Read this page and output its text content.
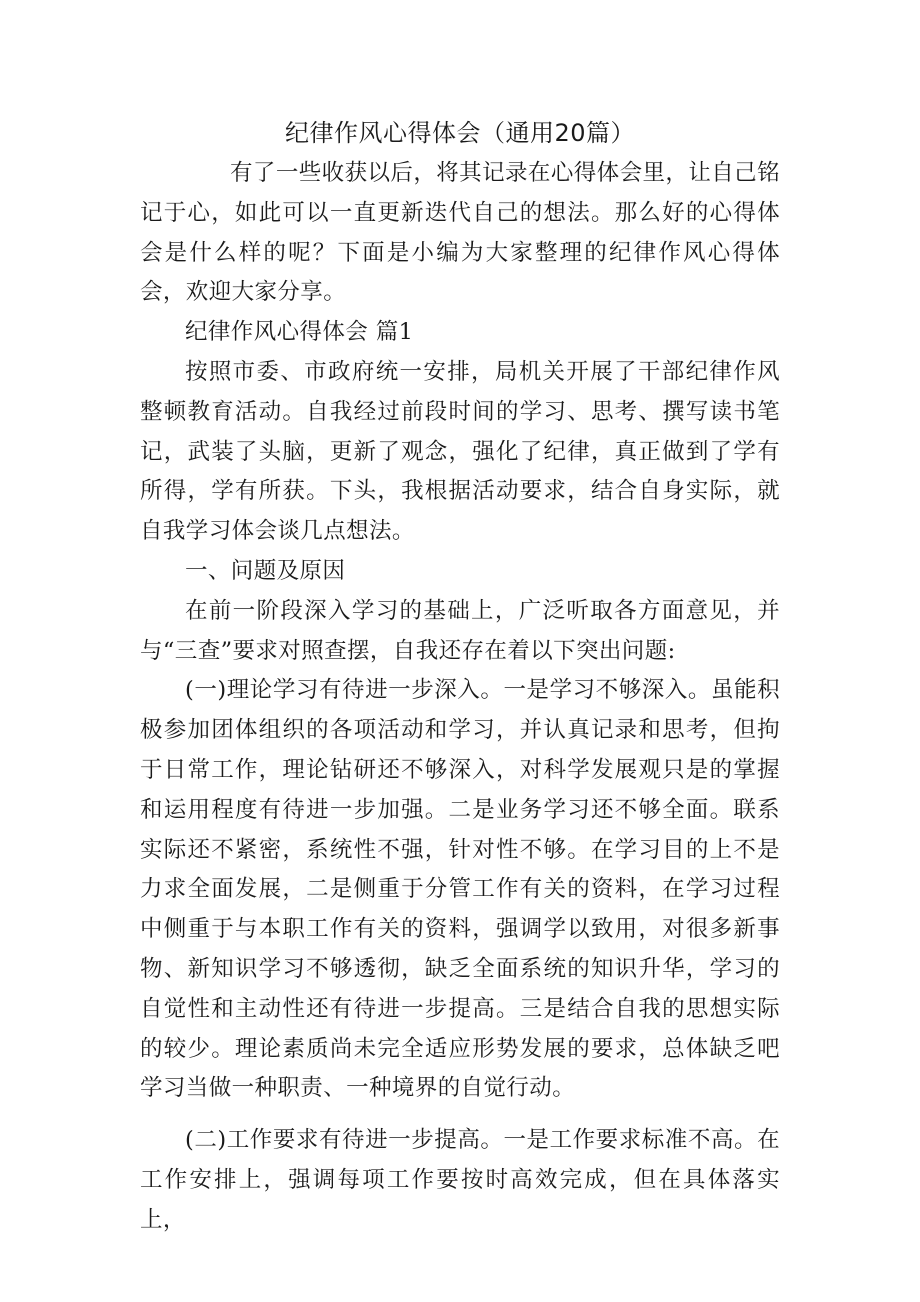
纪律作风心得体会（通用20篇）

有了一些收获以后，将其记录在心得体会里，让自己铭记于心，如此可以一直更新迭代自己的想法。那么好的心得体会是什么样的呢？下面是小编为大家整理的纪律作风心得体会，欢迎大家分享。

纪律作风心得体会 篇1

按照市委、市政府统一安排，局机关开展了干部纪律作风整顿教育活动。自我经过前段时间的学习、思考、撰写读书笔记，武装了头脑，更新了观念，强化了纪律，真正做到了学有所得，学有所获。下头，我根据活动要求，结合自身实际，就自我学习体会谈几点想法。

一、问题及原因

在前一阶段深入学习的基础上，广泛听取各方面意见，并与“三查”要求对照查摆，自我还存在着以下突出问题:

(一)理论学习有待进一步深入。一是学习不够深入。虽能积极参加团体组织的各项活动和学习，并认真记录和思考，但拘于日常工作，理论钻研还不够深入，对科学发展观只是的掌握和运用程度有待进一步加强。二是业务学习还不够全面。联系实际还不紧密，系统性不强，针对性不够。在学习目的上不是力求全面发展，二是侧重于分管工作有关的资料，在学习过程中侧重于与本职工作有关的资料，强调学以致用，对很多新事物、新知识学习不够透彻，缺乏全面系统的知识升华，学习的自觉性和主动性还有待进一步提高。三是结合自我的思想实际的较少。理论素质尚未完全适应形势发展的要求，总体缺乏吧学习当做一种职责、一种境界的自觉行动。

(二)工作要求有待进一步提高。一是工作要求标准不高。在工作安排上，强调每项工作要按时高效完成，但在具体落实上，
